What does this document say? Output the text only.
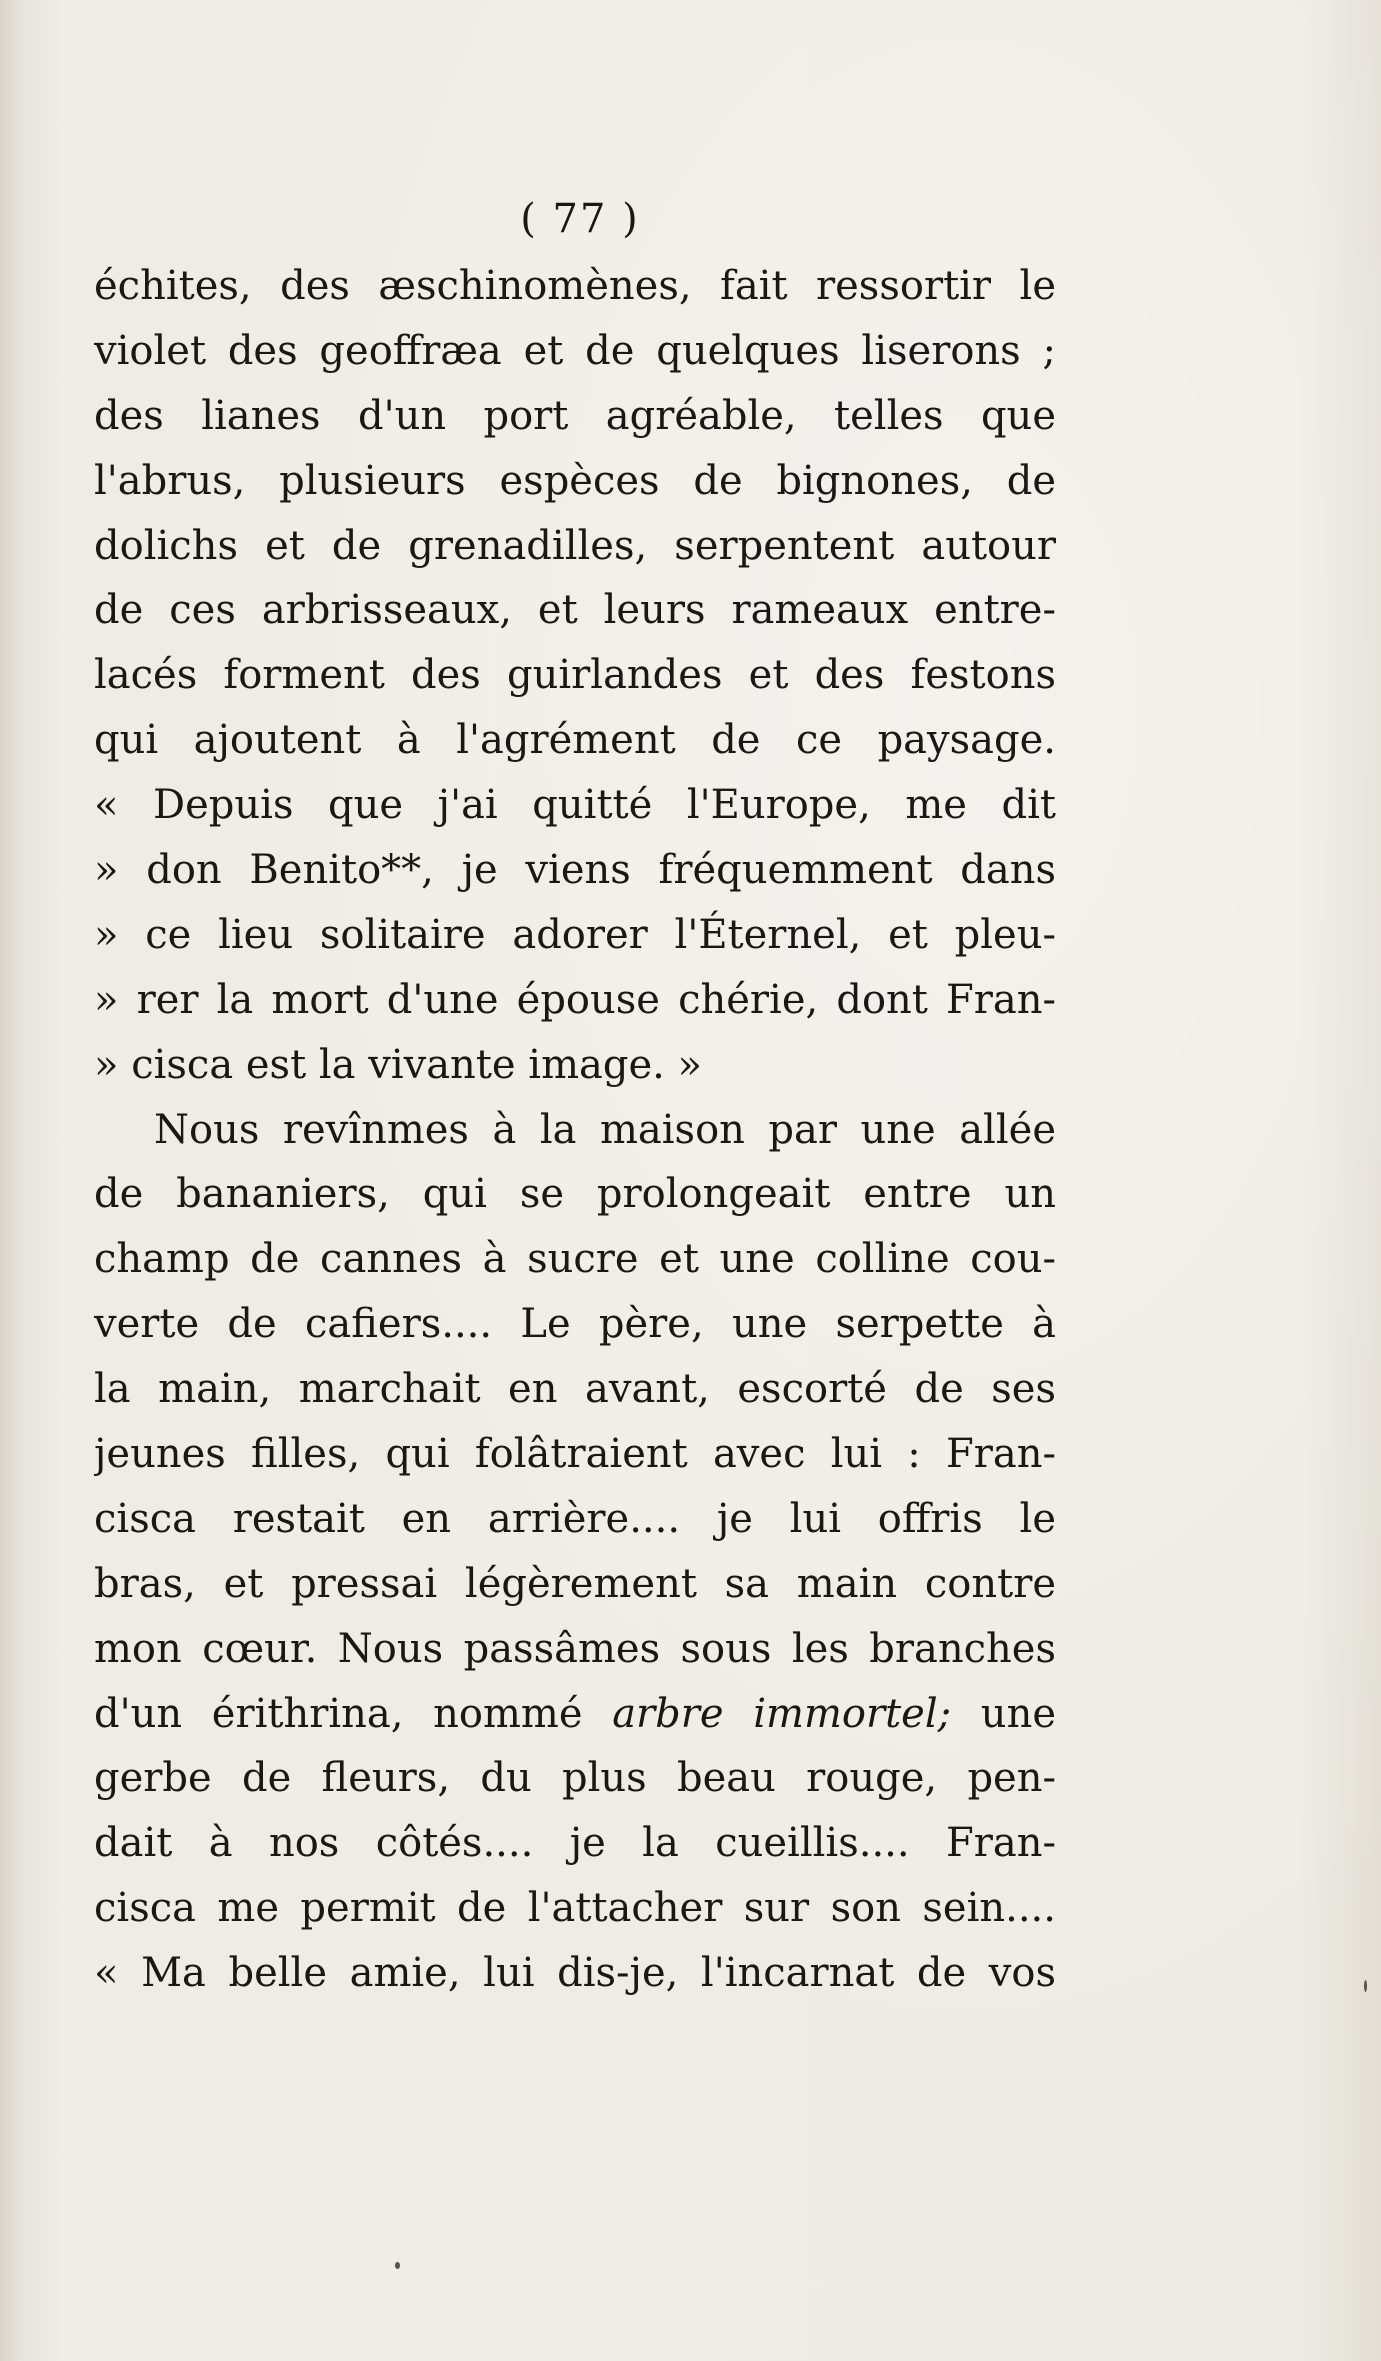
( 77 )
échites, des æschinomènes, fait ressortir le
violet des geoffræa et de quelques liserons ;
des lianes d'un port agréable, telles que
l'abrus, plusieurs espèces de bignones, de
dolichs et de grenadilles, serpentent autour
de ces arbrisseaux, et leurs rameaux entre-
lacés forment des guirlandes et des festons
qui ajoutent à l'agrément de ce paysage.
« Depuis que j'ai quitté l'Europe, me dit
» don Benito**, je viens fréquemment dans
» ce lieu solitaire adorer l'Éternel, et pleu-
» rer la mort d'une épouse chérie, dont Fran-
» cisca est la vivante image. »
Nous revînmes à la maison par une allée
de bananiers, qui se prolongeait entre un
champ de cannes à sucre et une colline cou-
verte de cafiers.... Le père, une serpette à
la main, marchait en avant, escorté de ses
jeunes filles, qui folâtraient avec lui : Fran-
cisca restait en arrière.... je lui offris le
bras, et pressai légèrement sa main contre
mon cœur. Nous passâmes sous les branches
d'un érithrina, nommé arbre immortel; une
gerbe de fleurs, du plus beau rouge, pen-
dait à nos côtés.... je la cueillis.... Fran-
cisca me permit de l'attacher sur son sein....
« Ma belle amie, lui dis-je, l'incarnat de vos
